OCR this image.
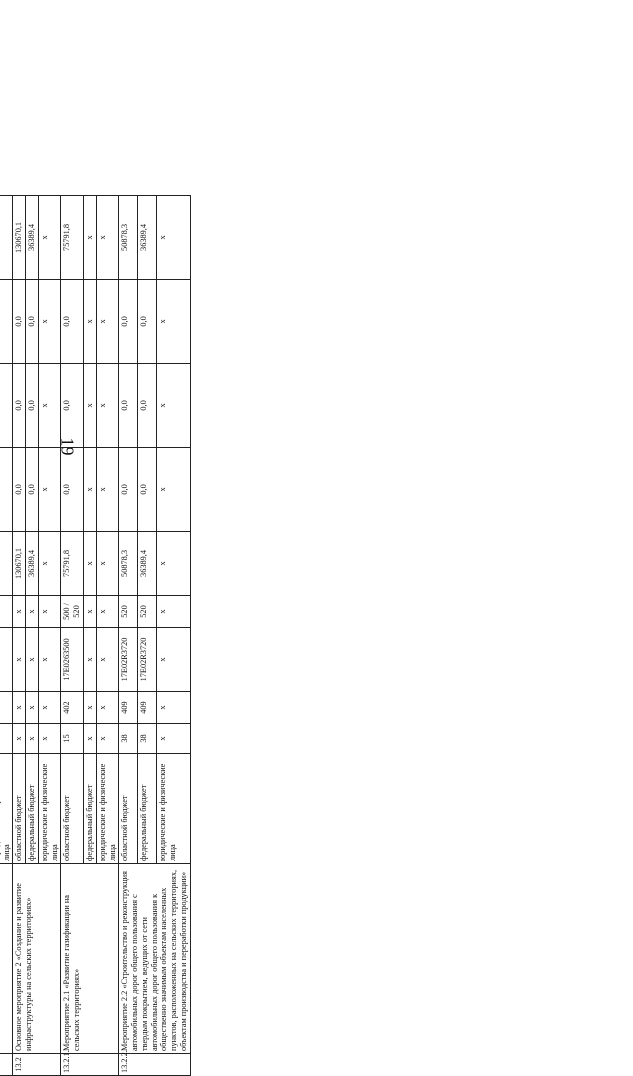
19

		лица									
13.2	Основное мероприятие 2 «Создание и развитие инфраструктуры на сельских территориях»	областной бюджет	х	х	х	х	130670,1	0,0	0,0	0,0	130670,1
		федеральный бюджет	х	х	х	х	36389,4	0,0	0,0	0,0	36389,4
		юридические и физические лица	х	х	х	х	х	х	х	х	х
13.2.1.	Мероприятие 2.1 «Развитие газификации на сельских территориях»	областной бюджет	15	402	17Е0263500	500 / 520	75791,8	0,0	0,0	0,0	75791,8
		федеральный бюджет	х	х	х	х	х	х	х	х	х
		юридические и физические лица	х	х	х	х	х	х	х	х	х
13.2.2.	Мероприятие 2.2 «Строительство и реконструкция автомобильных дорог общего пользования с твердым покрытием, ведущих от сети автомобильных дорог общего пользования к общественно значимым объектам населенных пунктов, расположенных на сельских территориях, объектам производства и переработки продукции»	областной бюджет	38	409	17Е02R3720	520	50878,3	0,0	0,0	0,0	50878,3
		федеральный бюджет	38	409	17Е02R3720	520	36389,4	0,0	0,0	0,0	36389,4
		юридические и физические лица	х	х	х	х	х	х	х	х	х
